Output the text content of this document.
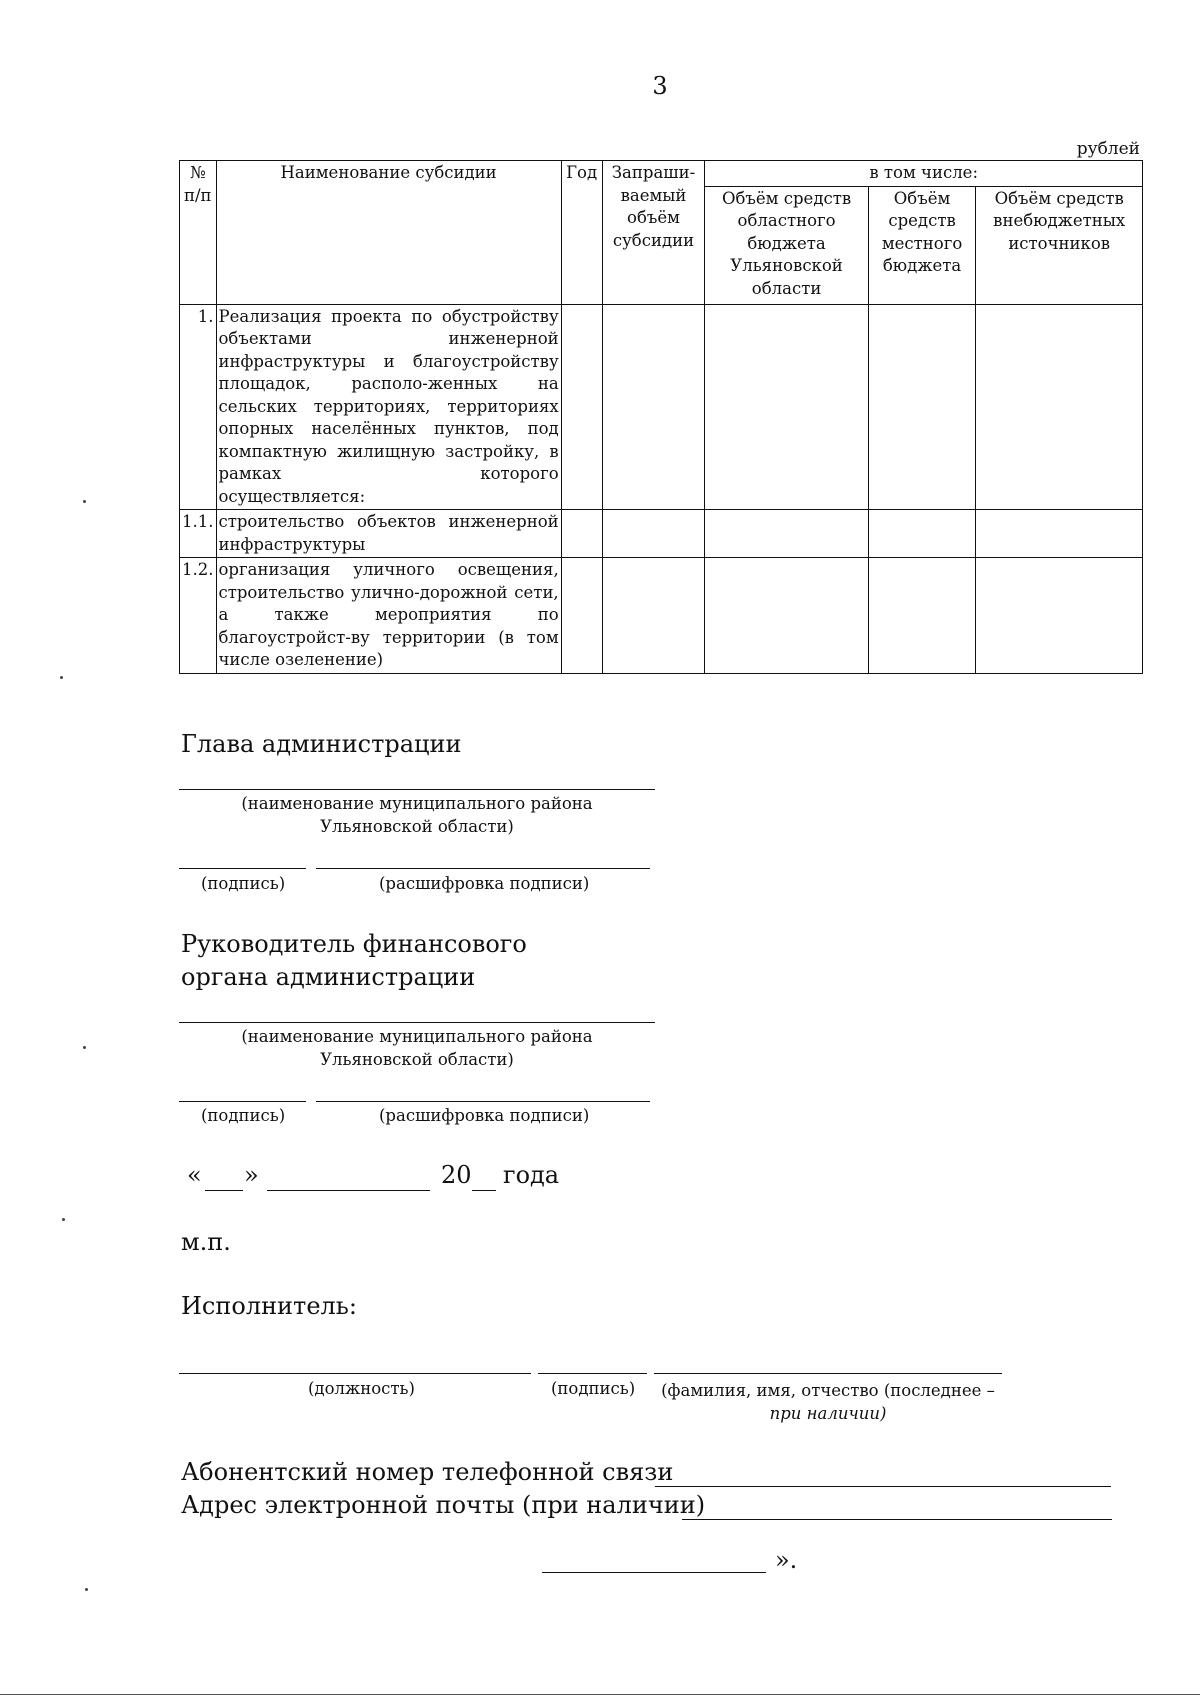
3
рублей
№ п/п	Наименование субсидии	Год	Запраши-ваемый объём субсидии	в том числе:		
				Объём средств областного бюджета Ульяновской области	Объём средств местного бюджета	Объём средств внебюджетных источников
1.	Реализация проекта по обустройству объектами инженерной инфраструктуры и благоустройству площадок, располо-женных на сельских территориях, территориях опорных населённых пунктов, под компактную жилищную застройку, в рамках которого
осуществляется:					

1.1.	строительство объектов инженерной
инфраструктуры					

1.2.	организация уличного освещения, строительство улично-дорожной сети, а также мероприятия по благоустройст-ву территории (в том числе озеленение)					

Глава администрации
(наименование муниципального района
Ульяновской области)
(подпись)	(расшифровка подписи)
Руководитель финансового
органа администрации
(наименование муниципального района
Ульяновской области)
(подпись)	(расшифровка подписи)
« »	20 года
м.п.
Исполнитель:
(должность)	(подпись)	(фамилия, имя, отчество (последнее –
при наличии)
Абонентский номер телефонной связи
Адрес электронной почты (при наличии)
».
